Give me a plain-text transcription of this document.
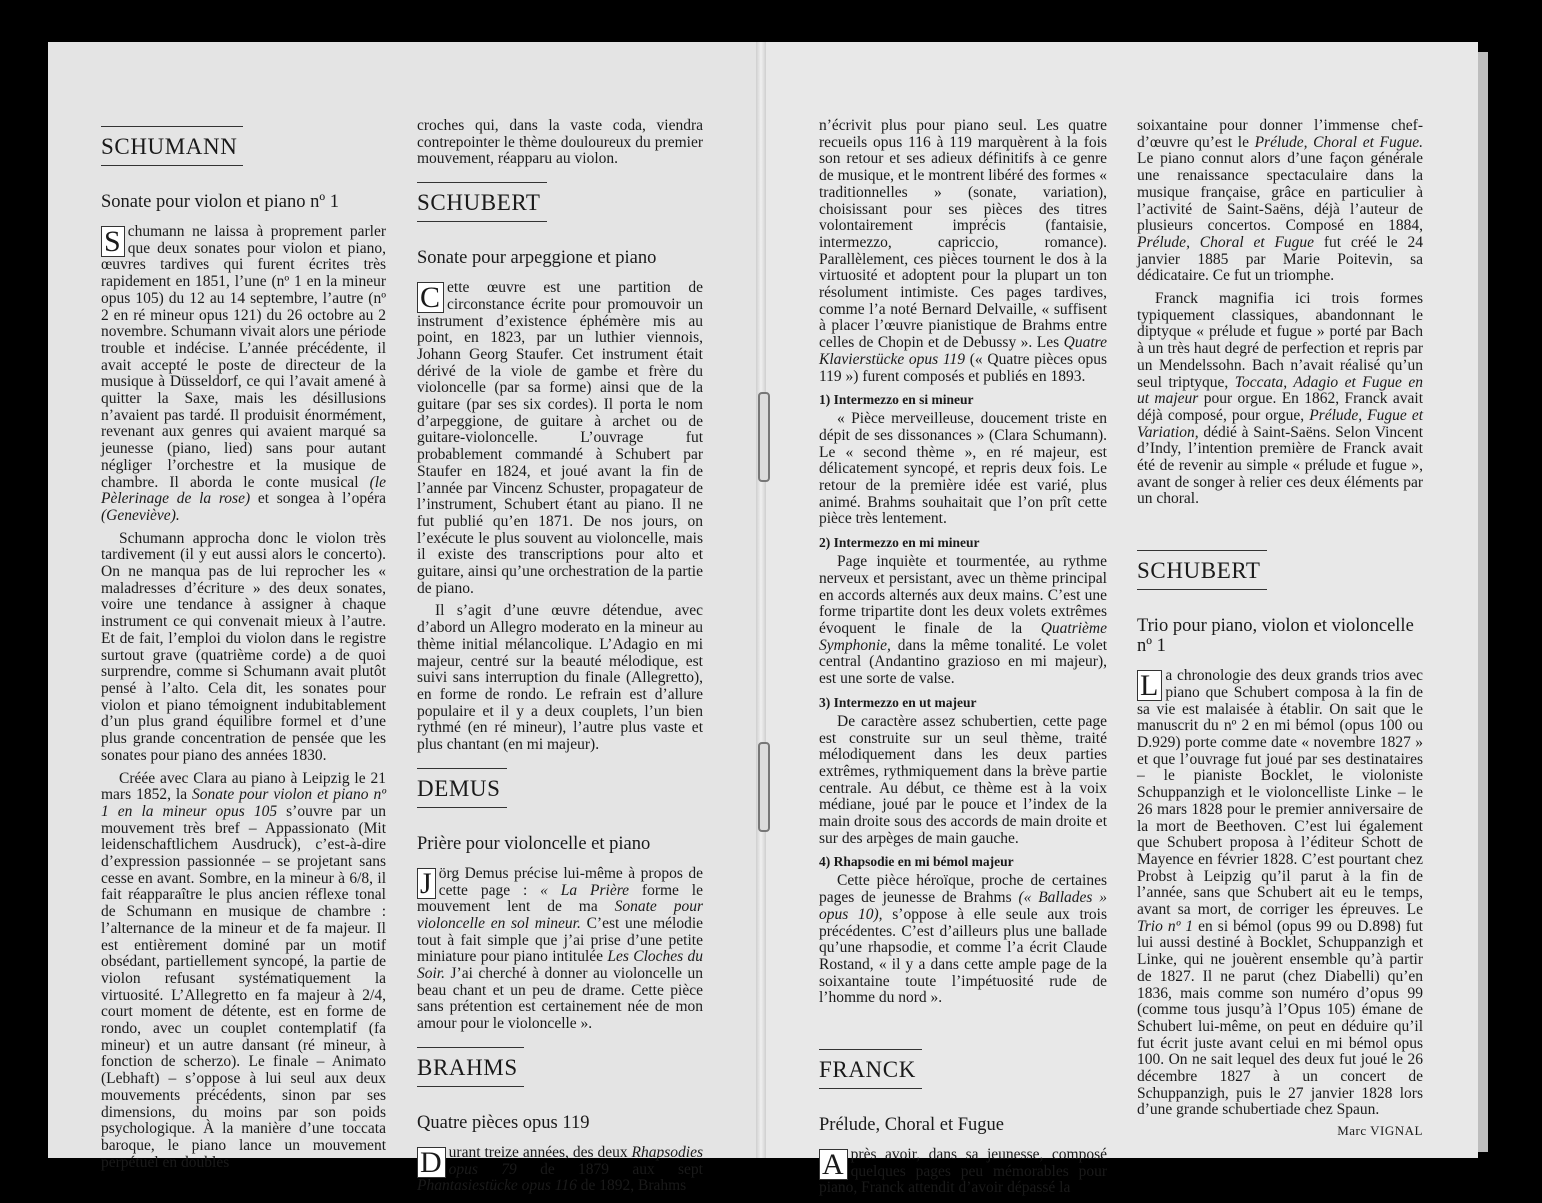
SCHUMANN
Sonate pour violon et piano nº 1

S chumann ne laissa à proprement parler que deux sonates pour violon et piano, œuvres tardives qui furent écrites très rapidement en 1851, l’une (nº 1 en la mineur opus 105) du 12 au 14 septembre, l’autre (nº 2 en ré mineur opus 121) du 26 octobre au 2 novembre. Schumann vivait alors une période trouble et indécise. L’année précédente, il avait accepté le poste de directeur de la musique à Düsseldorf, ce qui l’avait amené à quitter la Saxe, mais les désillusions n’avaient pas tardé. Il produisit énormément, revenant aux genres qui avaient marqué sa jeunesse (piano, lied) sans pour autant négliger l’orchestre et la musique de chambre. Il aborda le conte musical (le Pèlerinage de la rose) et songea à l’opéra (Geneviève).

Schumann approcha donc le violon très tardivement (il y eut aussi alors le concerto). On ne manqua pas de lui reprocher les « maladresses d’écriture » des deux sonates, voire une tendance à assigner à chaque instrument ce qui convenait mieux à l’autre. Et de fait, l’emploi du violon dans le registre surtout grave (quatrième corde) a de quoi surprendre, comme si Schumann avait plutôt pensé à l’alto. Cela dit, les sonates pour violon et piano témoignent indubitablement d’un plus grand équilibre formel et d’une plus grande concentration de pensée que les sonates pour piano des années 1830.

Créée avec Clara au piano à Leipzig le 21 mars 1852, la Sonate pour violon et piano nº 1 en la mineur opus 105 s’ouvre par un mouvement très bref – Appassionato (Mit leidenschaftlichem Ausdruck), c’est-à-dire d’expression passionnée – se projetant sans cesse en avant. Sombre, en la mineur à 6/8, il fait réapparaître le plus ancien réflexe tonal de Schumann en musique de chambre : l’alternance de la mineur et de fa majeur. Il est entièrement dominé par un motif obsédant, partiellement syncopé, la partie de violon refusant systématiquement la virtuosité. L’Allegretto en fa majeur à 2/4, court moment de détente, est en forme de rondo, avec un couplet contemplatif (fa mineur) et un autre dansant (ré mineur, à fonction de scherzo). Le finale – Animato (Lebhaft) – s’oppose à lui seul aux deux mouvements précédents, sinon par ses dimensions, du moins par son poids psychologique. À la manière d’une toccata baroque, le piano lance un mouvement perpétuel en doubles

croches qui, dans la vaste coda, viendra contrepointer le thème douloureux du premier mouvement, réapparu au violon.

SCHUBERT
Sonate pour arpeggione et piano

C ette œuvre est une partition de circonstance écrite pour promouvoir un instrument d’existence éphémère mis au point, en 1823, par un luthier viennois, Johann Georg Staufer. Cet instrument était dérivé de la viole de gambe et frère du violoncelle (par sa forme) ainsi que de la guitare (par ses six cordes). Il porta le nom d’arpeggione, de guitare à archet ou de guitare-violoncelle. L’ouvrage fut probablement commandé à Schubert par Staufer en 1824, et joué avant la fin de l’année par Vincenz Schuster, propagateur de l’instrument, Schubert étant au piano. Il ne fut publié qu’en 1871. De nos jours, on l’exécute le plus souvent au violoncelle, mais il existe des transcriptions pour alto et guitare, ainsi qu’une orchestration de la partie de piano.

Il s’agit d’une œuvre détendue, avec d’abord un Allegro moderato en la mineur au thème initial mélancolique. L’Adagio en mi majeur, centré sur la beauté mélodique, est suivi sans interruption du finale (Allegretto), en forme de rondo. Le refrain est d’allure populaire et il y a deux couplets, l’un bien rythmé (en ré mineur), l’autre plus vaste et plus chantant (en mi majeur).

DEMUS
Prière pour violoncelle et piano

J örg Demus précise lui-même à propos de cette page : « La Prière forme le mouvement lent de ma Sonate pour violoncelle en sol mineur. C’est une mélodie tout à fait simple que j’ai prise d’une petite miniature pour piano intitulée Les Cloches du Soir. J’ai cherché à donner au violoncelle un beau chant et un peu de drame. Cette pièce sans prétention est certainement née de mon amour pour le violoncelle ».

BRAHMS
Quatre pièces opus 119

D urant treize années, des deux Rhapsodies opus 79 de 1879 aux sept Phantasiestücke opus 116 de 1892, Brahms

n’écrivit plus pour piano seul. Les quatre recueils opus 116 à 119 marquèrent à la fois son retour et ses adieux définitifs à ce genre de musique, et le montrent libéré des formes « traditionnelles » (sonate, variation), choisissant pour ses pièces des titres volontairement imprécis (fantaisie, intermezzo, capriccio, romance). Parallèlement, ces pièces tournent le dos à la virtuosité et adoptent pour la plupart un ton résolument intimiste. Ces pages tardives, comme l’a noté Bernard Delvaille, « suffisent à placer l’œuvre pianistique de Brahms entre celles de Chopin et de Debussy ». Les Quatre Klavierstücke opus 119 (« Quatre pièces opus 119 ») furent composés et publiés en 1893.

1) Intermezzo en si mineur

« Pièce merveilleuse, doucement triste en dépit de ses dissonances » (Clara Schumann). Le « second thème », en ré majeur, est délicatement syncopé, et repris deux fois. Le retour de la première idée est varié, plus animé. Brahms souhaitait que l’on prît cette pièce très lentement.

2) Intermezzo en mi mineur

Page inquiète et tourmentée, au rythme nerveux et persistant, avec un thème principal en accords alternés aux deux mains. C’est une forme tripartite dont les deux volets extrêmes évoquent le finale de la Quatrième Symphonie, dans la même tonalité. Le volet central (Andantino grazioso en mi majeur), est une sorte de valse.

3) Intermezzo en ut majeur

De caractère assez schubertien, cette page est construite sur un seul thème, traité mélodiquement dans les deux parties extrêmes, rythmiquement dans la brève partie centrale. Au début, ce thème est à la voix médiane, joué par le pouce et l’index de la main droite sous des accords de main droite et sur des arpèges de main gauche.

4) Rhapsodie en mi bémol majeur

Cette pièce héroïque, proche de certaines pages de jeunesse de Brahms (« Ballades » opus 10), s’oppose à elle seule aux trois précédentes. C’est d’ailleurs plus une ballade qu’une rhapsodie, et comme l’a écrit Claude Rostand, « il y a dans cette ample page de la soixantaine toute l’impétuosité rude de l’homme du nord ».

FRANCK
Prélude, Choral et Fugue

A près avoir, dans sa jeunesse, composé quelques pages peu mémorables pour piano, Franck attendit d’avoir dépassé la

soixantaine pour donner l’immense chef-d’œuvre qu’est le Prélude, Choral et Fugue. Le piano connut alors d’une façon générale une renaissance spectaculaire dans la musique française, grâce en particulier à l’activité de Saint-Saëns, déjà l’auteur de plusieurs concertos. Composé en 1884, Prélude, Choral et Fugue fut créé le 24 janvier 1885 par Marie Poitevin, sa dédicataire. Ce fut un triomphe.

Franck magnifia ici trois formes typiquement classiques, abandonnant le diptyque « prélude et fugue » porté par Bach à un très haut degré de perfection et repris par un Mendelssohn. Bach n’avait réalisé qu’un seul triptyque, Toccata, Adagio et Fugue en ut majeur pour orgue. En 1862, Franck avait déjà composé, pour orgue, Prélude, Fugue et Variation, dédié à Saint-Saëns. Selon Vincent d’Indy, l’intention première de Franck avait été de revenir au simple « prélude et fugue », avant de songer à relier ces deux éléments par un choral.

SCHUBERT
Trio pour piano, violon et violoncelle nº 1

L a chronologie des deux grands trios avec piano que Schubert composa à la fin de sa vie est malaisée à établir. On sait que le manuscrit du nº 2 en mi bémol (opus 100 ou D.929) porte comme date « novembre 1827 » et que l’ouvrage fut joué par ses destinataires – le pianiste Bocklet, le violoniste Schuppanzigh et le violoncelliste Linke – le 26 mars 1828 pour le premier anniversaire de la mort de Beethoven. C’est lui également que Schubert proposa à l’éditeur Schott de Mayence en février 1828. C’est pourtant chez Probst à Leipzig qu’il parut à la fin de l’année, sans que Schubert ait eu le temps, avant sa mort, de corriger les épreuves. Le Trio nº 1 en si bémol (opus 99 ou D.898) fut lui aussi destiné à Bocklet, Schuppanzigh et Linke, qui ne jouèrent ensemble qu’à partir de 1827. Il ne parut (chez Diabelli) qu’en 1836, mais comme son numéro d’opus 99 (comme tous jusqu’à l’Opus 105) émane de Schubert lui-même, on peut en déduire qu’il fut écrit juste avant celui en mi bémol opus 100. On ne sait lequel des deux fut joué le 26 décembre 1827 à un concert de Schuppanzigh, puis le 27 janvier 1828 lors d’une grande schubertiade chez Spaun.

Marc VIGNAL
